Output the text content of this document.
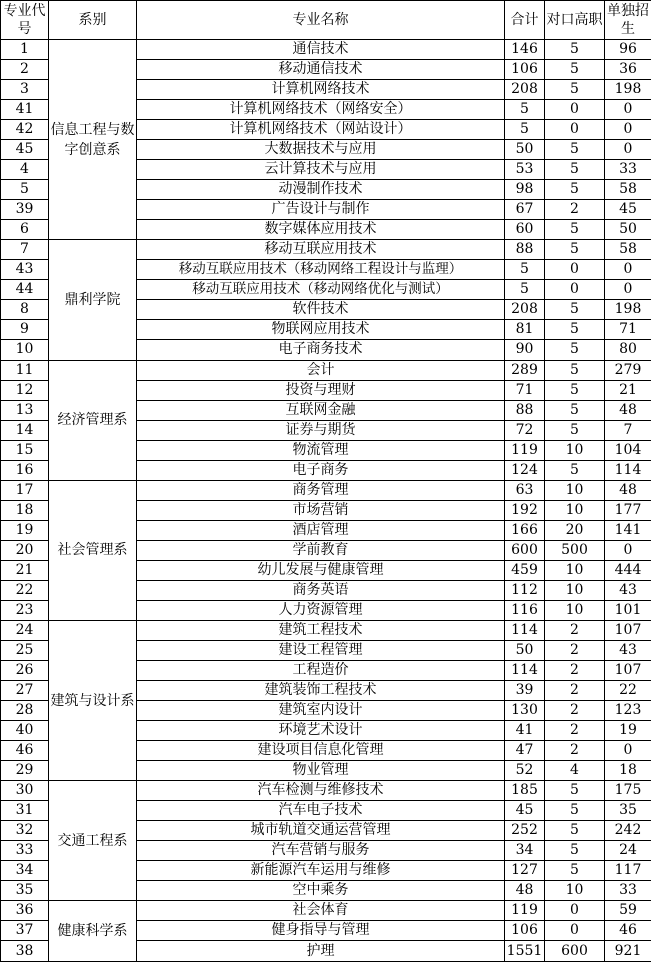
专业代号	系别	专业名称	合计	对口高职	单独招生
1	信息工程与数字创意系	通信技术	146	5	96
2		移动通信技术	106	5	36
3		计算机网络技术	208	5	198
41		计算机网络技术（网络安全）	5	0	0
42		计算机网络技术（网站设计）	5	0	0
45		大数据技术与应用	50	5	0
4		云计算技术与应用	53	5	33
5		动漫制作技术	98	5	58
39		广告设计与制作	67	2	45
6		数字媒体应用技术	60	5	50
7	鼎利学院	移动互联应用技术	88	5	58
43		移动互联应用技术（移动网络工程设计与监理）	5	0	0
44		移动互联应用技术（移动网络优化与测试）	5	0	0
8		软件技术	208	5	198
9		物联网应用技术	81	5	71
10		电子商务技术	90	5	80
11	经济管理系	会计	289	5	279
12		投资与理财	71	5	21
13		互联网金融	88	5	48
14		证券与期货	72	5	7
15		物流管理	119	10	104
16		电子商务	124	5	114
17	社会管理系	商务管理	63	10	48
18		市场营销	192	10	177
19		酒店管理	166	20	141
20		学前教育	600	500	0
21		幼儿发展与健康管理	459	10	444
22		商务英语	112	10	43
23		人力资源管理	116	10	101
24	建筑与设计系	建筑工程技术	114	2	107
25		建设工程管理	50	2	43
26		工程造价	114	2	107
27		建筑装饰工程技术	39	2	22
28		建筑室内设计	130	2	123
40		环境艺术设计	41	2	19
46		建设项目信息化管理	47	2	0
29		物业管理	52	4	18
30	交通工程系	汽车检测与维修技术	185	5	175
31		汽车电子技术	45	5	35
32		城市轨道交通运营管理	252	5	242
33		汽车营销与服务	34	5	24
34		新能源汽车运用与维修	127	5	117
35		空中乘务	48	10	33
36	健康科学系	社会体育	119	0	59
37		健身指导与管理	106	0	46
38		护理	1551	600	921
